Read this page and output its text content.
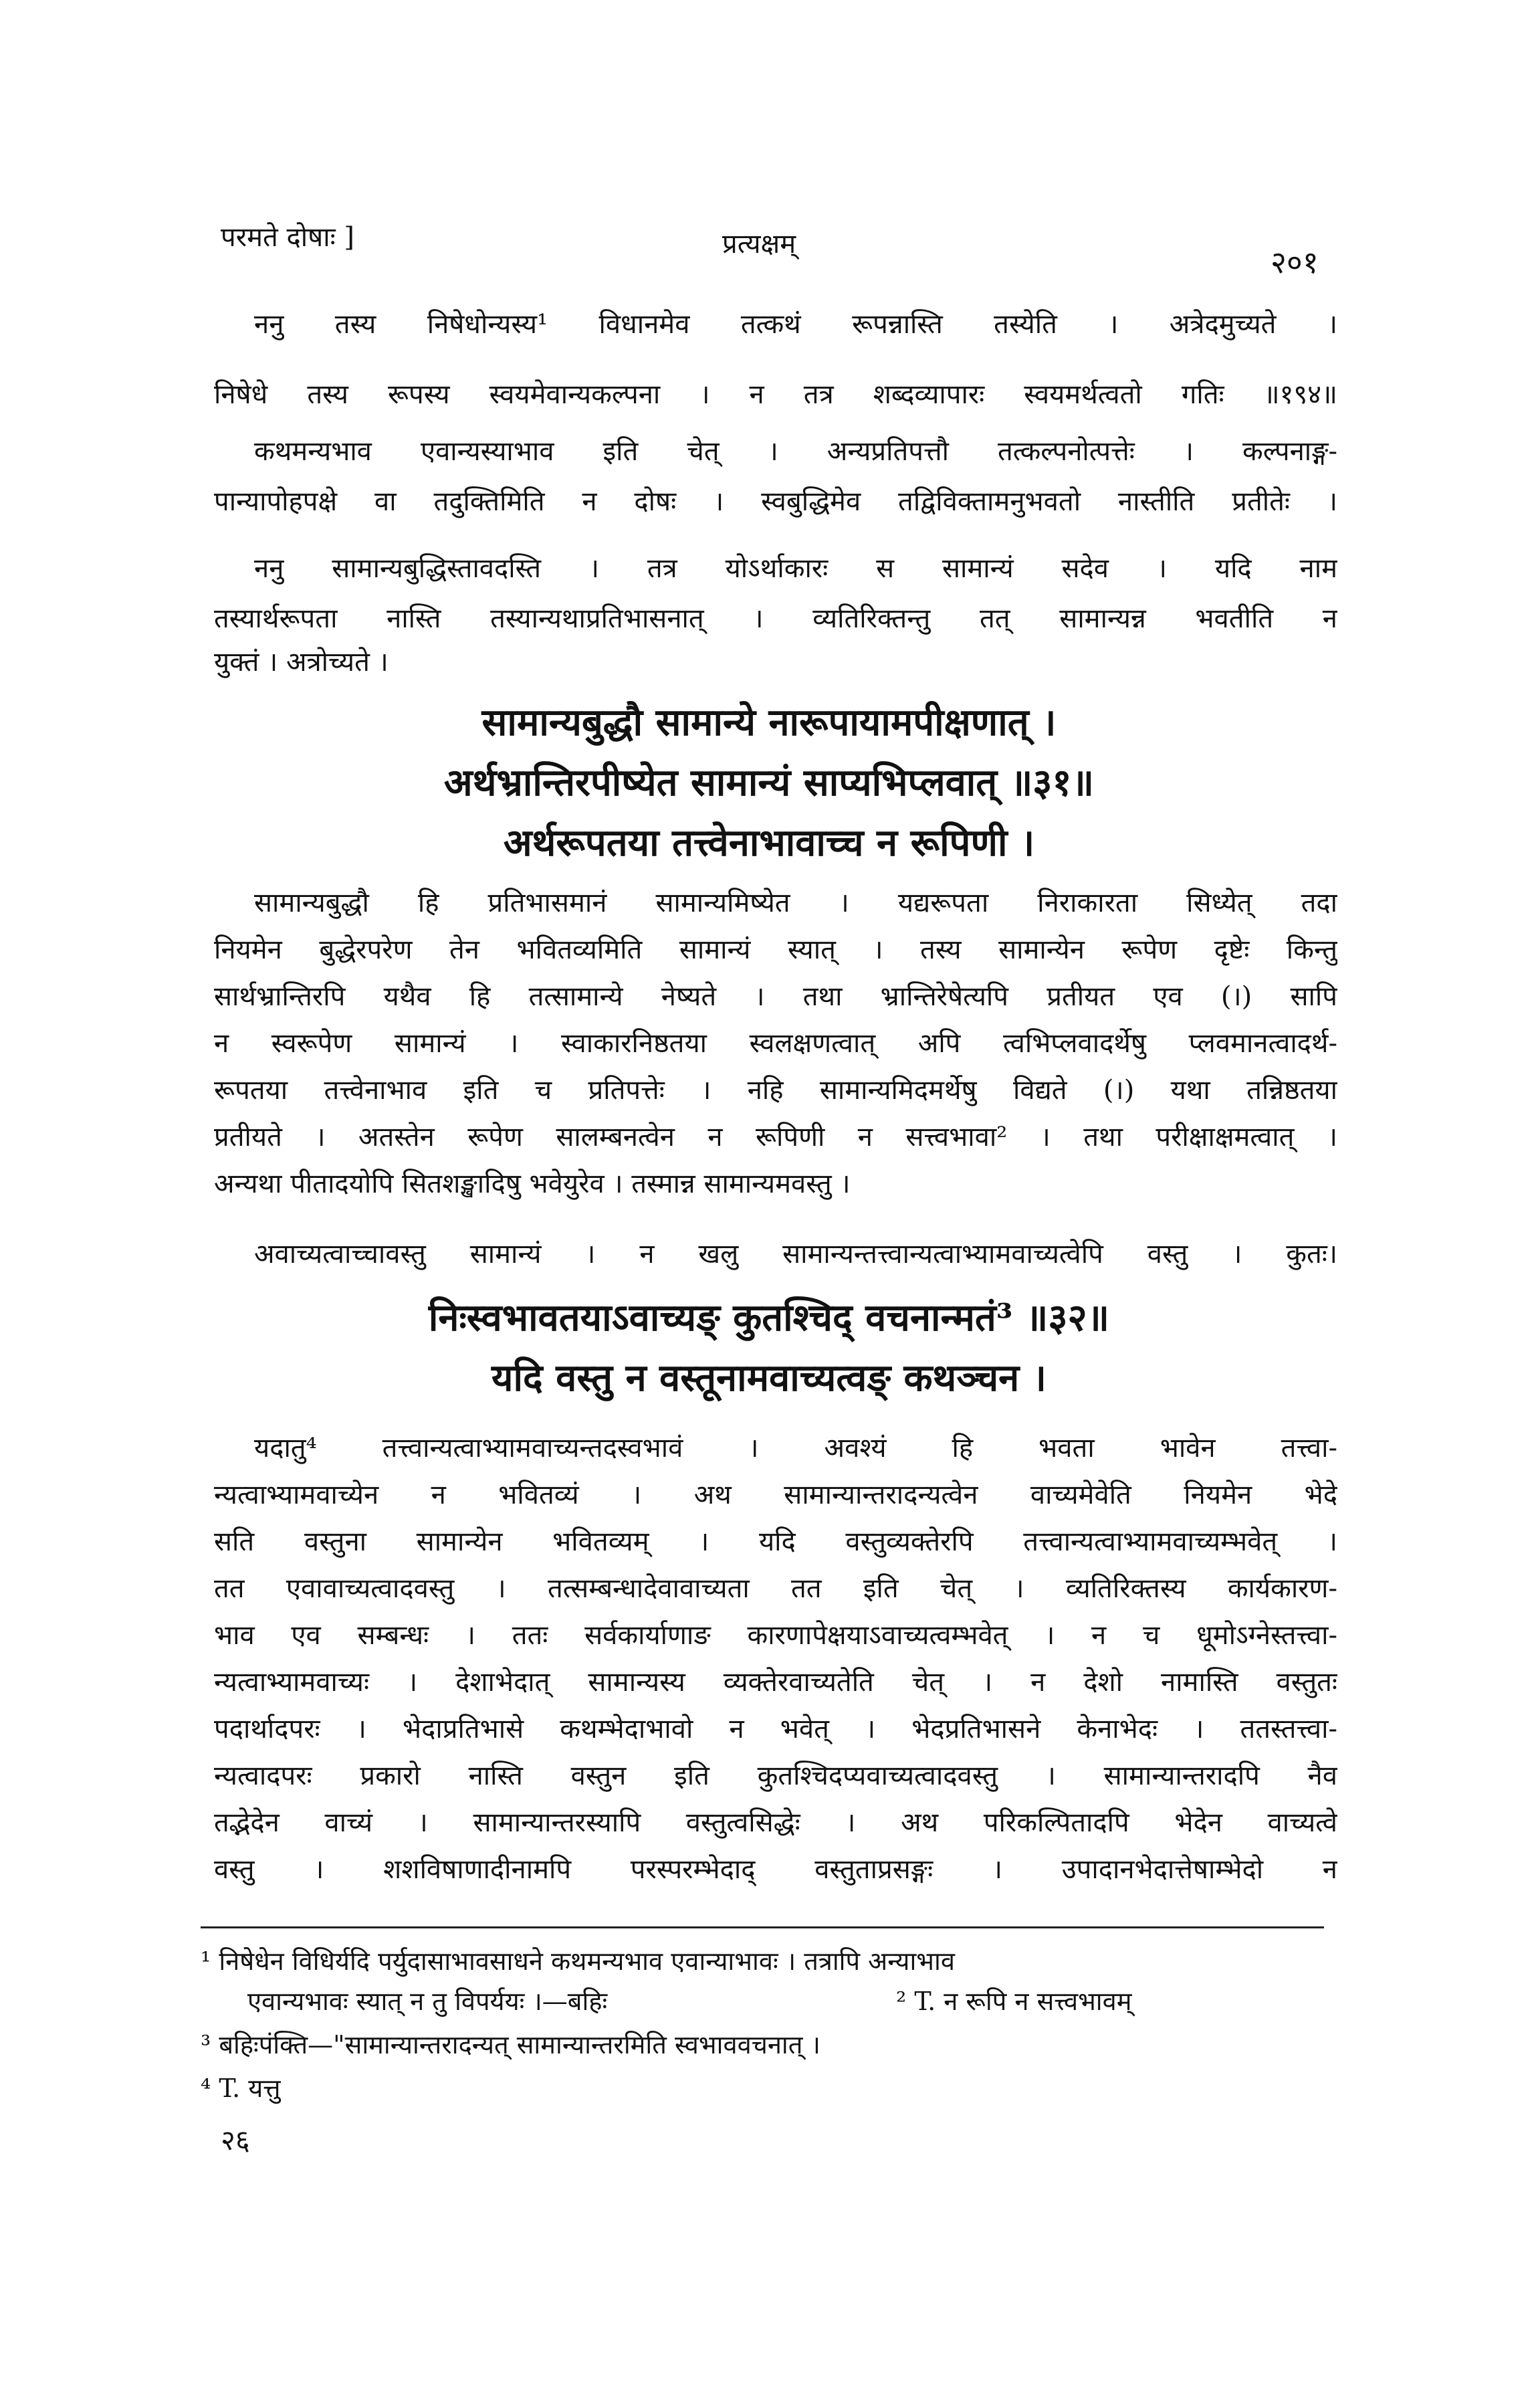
परमते दोषाः ]	प्रत्यक्षम्	२०१
ननु तस्य निषेधोन्यस्य¹ विधानमेव तत्कथं रूपन्नास्ति तस्येति । अत्रेदमुच्यते ।
निषेधे तस्य रूपस्य स्वयमेवान्यकल्पना । न तत्र शब्दव्यापारः स्वयमर्थत्वतो गतिः ॥१९४॥
कथमन्यभाव एवान्यस्याभाव इति चेत् । अन्यप्रतिपत्तौ तत्कल्पनोत्पत्तेः । कल्पनाङ्ग-
पान्यापोहपक्षे वा तदुक्तिमिति न दोषः । स्वबुद्धिमेव तद्विविक्तामनुभवतो नास्तीति प्रतीतेः ।
ननु सामान्यबुद्धिस्तावदस्ति । तत्र योऽर्थाकारः स सामान्यं सदेव । यदि नाम
तस्यार्थरूपता नास्ति तस्यान्यथाप्रतिभासनात् । व्यतिरिक्तन्तु तत् सामान्यन्न भवतीति न
युक्तं । अत्रोच्यते ।
सामान्यबुद्धौ सामान्ये नारूपायामपीक्षणात् ।
अर्थभ्रान्तिरपीष्येत सामान्यं साप्यभिप्लवात् ॥३१॥
अर्थरूपतया तत्त्वेनाभावाच्च न रूपिणी ।
सामान्यबुद्धौ हि प्रतिभासमानं सामान्यमिष्येत । यद्यरूपता निराकारता सिध्येत् तदा
नियमेन बुद्धेरपरेण तेन भवितव्यमिति सामान्यं स्यात् । तस्य सामान्येन रूपेण दृष्टेः किन्तु
सार्थभ्रान्तिरपि यथैव हि तत्सामान्ये नेष्यते । तथा भ्रान्तिरेषेत्यपि प्रतीयत एव (।) सापि
न स्वरूपेण सामान्यं । स्वाकारनिष्ठतया स्वलक्षणत्वात् अपि त्वभिप्लवादर्थेषु प्लवमानत्वादर्थ-
रूपतया तत्त्वेनाभाव इति च प्रतिपत्तेः । नहि सामान्यमिदमर्थेषु विद्यते (।) यथा तन्निष्ठतया
प्रतीयते । अतस्तेन रूपेण सालम्बनत्वेन न रूपिणी न सत्त्वभावा² । तथा परीक्षाक्षमत्वात् ।
अन्यथा पीतादयोपि सितशङ्खादिषु भवेयुरेव । तस्मान्न सामान्यमवस्तु ।
अवाच्यत्वाच्चावस्तु सामान्यं । न खलु सामान्यन्तत्त्वान्यत्वाभ्यामवाच्यत्वेपि वस्तु । कुतः।
निःस्वभावतयाऽवाच्यङ् कुतश्चिद् वचनान्मतं³ ॥३२॥
यदि वस्तु न वस्तूनामवाच्यत्वङ् कथञ्चन ।
यदातु⁴ तत्त्वान्यत्वाभ्यामवाच्यन्तदस्वभावं । अवश्यं हि भवता भावेन तत्त्वा-
न्यत्वाभ्यामवाच्येन न भवितव्यं । अथ सामान्यान्तरादन्यत्वेन वाच्यमेवेति नियमेन भेदे
सति वस्तुना सामान्येन भवितव्यम् । यदि वस्तुव्यक्तेरपि तत्त्वान्यत्वाभ्यामवाच्यम्भवेत् ।
तत एवावाच्यत्वादवस्तु । तत्सम्बन्धादेवावाच्यता तत इति चेत् । व्यतिरिक्तस्य कार्यकारण-
भाव एव सम्बन्धः । ततः सर्वकार्याणाङ कारणापेक्षयाऽवाच्यत्वम्भवेत् । न च धूमोऽग्नेस्तत्त्वा-
न्यत्वाभ्यामवाच्यः । देशाभेदात् सामान्यस्य व्यक्तेरवाच्यतेति चेत् । न देशो नामास्ति वस्तुतः
पदार्थादपरः । भेदाप्रतिभासे कथम्भेदाभावो न भवेत् । भेदप्रतिभासने केनाभेदः । ततस्तत्त्वा-
न्यत्वादपरः प्रकारो नास्ति वस्तुन इति कुतश्चिदप्यवाच्यत्वादवस्तु । सामान्यान्तरादपि नैव
तद्भेदेन वाच्यं । सामान्यान्तरस्यापि वस्तुत्वसिद्धेः । अथ परिकल्पितादपि भेदेन वाच्यत्वे
वस्तु । शशविषाणादीनामपि परस्परम्भेदाद् वस्तुताप्रसङ्गः । उपादानभेदात्तेषाम्भेदो न
¹ निषेधेन विधिर्यदि पर्युदासाभावसाधने कथमन्यभाव एवान्याभावः । तत्रापि अन्याभाव
एवान्यभावः स्यात् न तु विपर्ययः ।—बहिः	² T. न रूपि न सत्त्वभावम्
³ बहिःपंक्ति—"सामान्यान्तरादन्यत् सामान्यान्तरमिति स्वभाववचनात् ।
⁴ T. यत्तु
२६
